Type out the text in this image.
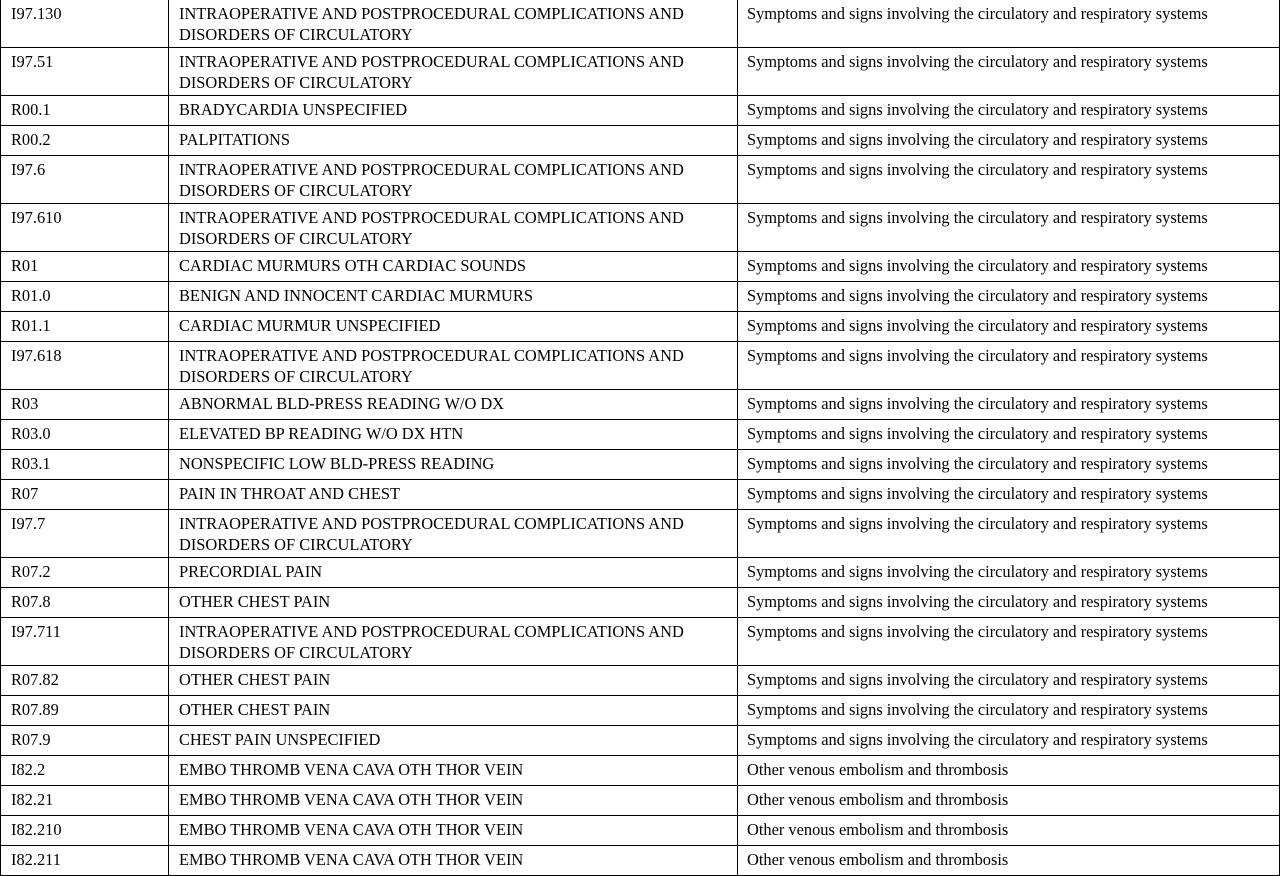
I97.130	INTRAOPERATIVE AND POSTPROCEDURAL COMPLICATIONS AND DISORDERS OF CIRCULATORY	Symptoms and signs involving the circulatory and respiratory systems
I97.51	INTRAOPERATIVE AND POSTPROCEDURAL COMPLICATIONS AND DISORDERS OF CIRCULATORY	Symptoms and signs involving the circulatory and respiratory systems
R00.1	BRADYCARDIA UNSPECIFIED	Symptoms and signs involving the circulatory and respiratory systems
R00.2	PALPITATIONS	Symptoms and signs involving the circulatory and respiratory systems
I97.6	INTRAOPERATIVE AND POSTPROCEDURAL COMPLICATIONS AND DISORDERS OF CIRCULATORY	Symptoms and signs involving the circulatory and respiratory systems
I97.610	INTRAOPERATIVE AND POSTPROCEDURAL COMPLICATIONS AND DISORDERS OF CIRCULATORY	Symptoms and signs involving the circulatory and respiratory systems
R01	CARDIAC MURMURS OTH CARDIAC SOUNDS	Symptoms and signs involving the circulatory and respiratory systems
R01.0	BENIGN AND INNOCENT CARDIAC MURMURS	Symptoms and signs involving the circulatory and respiratory systems
R01.1	CARDIAC MURMUR UNSPECIFIED	Symptoms and signs involving the circulatory and respiratory systems
I97.618	INTRAOPERATIVE AND POSTPROCEDURAL COMPLICATIONS AND DISORDERS OF CIRCULATORY	Symptoms and signs involving the circulatory and respiratory systems
R03	ABNORMAL BLD-PRESS READING W/O DX	Symptoms and signs involving the circulatory and respiratory systems
R03.0	ELEVATED BP READING W/O DX HTN	Symptoms and signs involving the circulatory and respiratory systems
R03.1	NONSPECIFIC LOW BLD-PRESS READING	Symptoms and signs involving the circulatory and respiratory systems
R07	PAIN IN THROAT AND CHEST	Symptoms and signs involving the circulatory and respiratory systems
I97.7	INTRAOPERATIVE AND POSTPROCEDURAL COMPLICATIONS AND DISORDERS OF CIRCULATORY	Symptoms and signs involving the circulatory and respiratory systems
R07.2	PRECORDIAL PAIN	Symptoms and signs involving the circulatory and respiratory systems
R07.8	OTHER CHEST PAIN	Symptoms and signs involving the circulatory and respiratory systems
I97.711	INTRAOPERATIVE AND POSTPROCEDURAL COMPLICATIONS AND DISORDERS OF CIRCULATORY	Symptoms and signs involving the circulatory and respiratory systems
R07.82	OTHER CHEST PAIN	Symptoms and signs involving the circulatory and respiratory systems
R07.89	OTHER CHEST PAIN	Symptoms and signs involving the circulatory and respiratory systems
R07.9	CHEST PAIN UNSPECIFIED	Symptoms and signs involving the circulatory and respiratory systems
I82.2	EMBO THROMB VENA CAVA OTH THOR VEIN	Other venous embolism and thrombosis
I82.21	EMBO THROMB VENA CAVA OTH THOR VEIN	Other venous embolism and thrombosis
I82.210	EMBO THROMB VENA CAVA OTH THOR VEIN	Other venous embolism and thrombosis
I82.211	EMBO THROMB VENA CAVA OTH THOR VEIN	Other venous embolism and thrombosis
